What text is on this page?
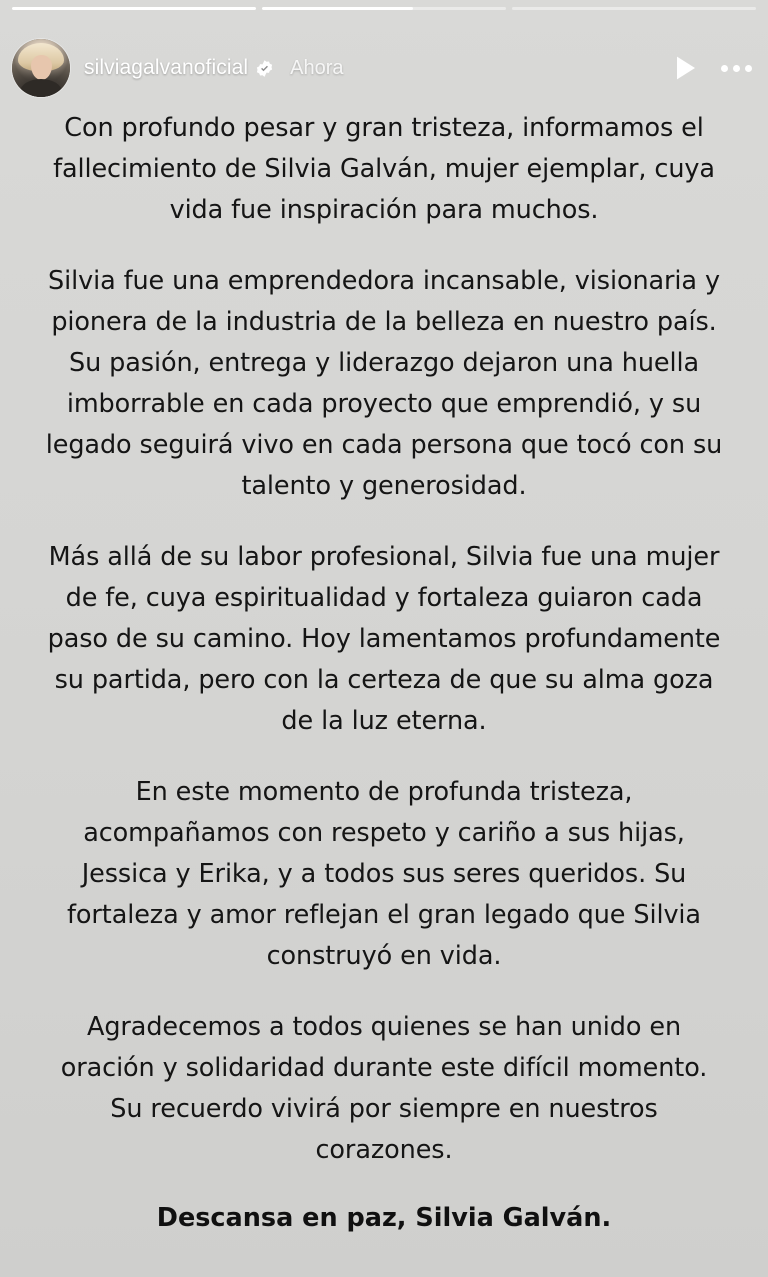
silviagalvanoficial Ahora

Con profundo pesar y gran tristeza, informamos el fallecimiento de Silvia Galván, mujer ejemplar, cuya vida fue inspiración para muchos.

Silvia fue una emprendedora incansable, visionaria y pionera de la industria de la belleza en nuestro país. Su pasión, entrega y liderazgo dejaron una huella imborrable en cada proyecto que emprendió, y su legado seguirá vivo en cada persona que tocó con su talento y generosidad.

Más allá de su labor profesional, Silvia fue una mujer de fe, cuya espiritualidad y fortaleza guiaron cada paso de su camino. Hoy lamentamos profundamente su partida, pero con la certeza de que su alma goza de la luz eterna.

En este momento de profunda tristeza, acompañamos con respeto y cariño a sus hijas, Jessica y Erika, y a todos sus seres queridos. Su fortaleza y amor reflejan el gran legado que Silvia construyó en vida.

Agradecemos a todos quienes se han unido en oración y solidaridad durante este difícil momento. Su recuerdo vivirá por siempre en nuestros corazones.

Descansa en paz, Silvia Galván.
